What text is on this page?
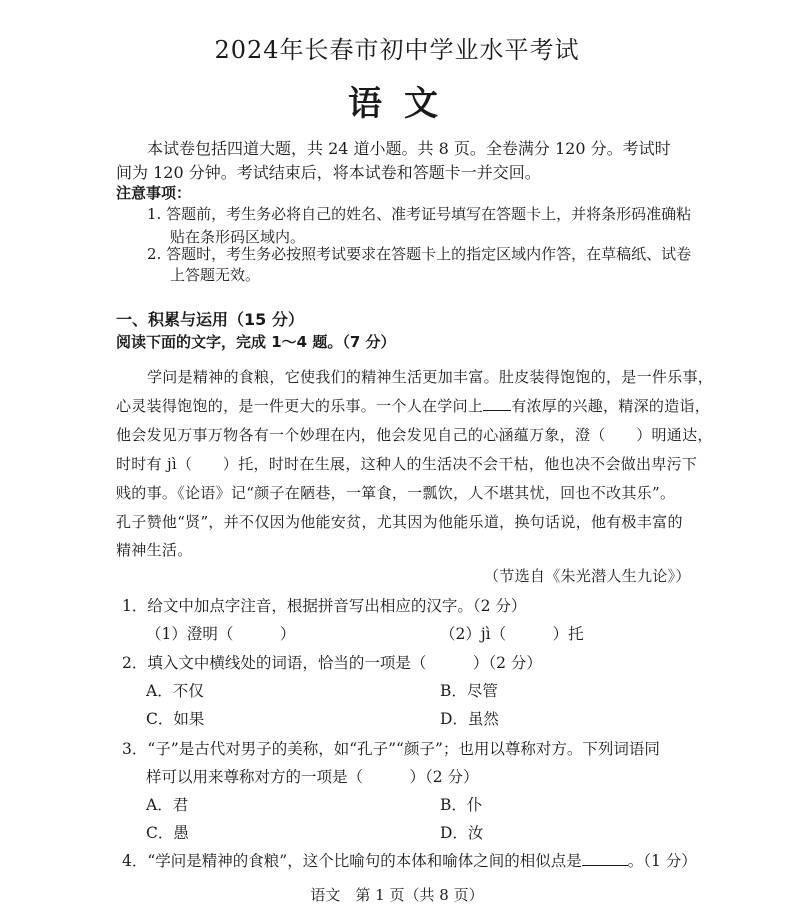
2024年长春市初中学业水平考试
语文
本试卷包括四道大题，共 24 道小题。共 8 页。全卷满分 120 分。考试时
间为 120 分钟。考试结束后，将本试卷和答题卡一并交回。
注意事项：
1. 答题前，考生务必将自己的姓名、准考证号填写在答题卡上，并将条形码准确粘
贴在条形码区域内。
2. 答题时，考生务必按照考试要求在答题卡上的指定区域内作答，在草稿纸、试卷
上答题无效。
一、积累与运用（15 分）
阅读下面的文字，完成 1～4 题。（7 分）
学问是精神的食粮，它使我们的精神生活更加丰富。肚皮装得饱饱的，是一件乐事，
心灵装得饱饱的，是一件更大的乐事。一个人在学问上 有浓厚的兴趣，精深的造诣，
他会发见万事万物各有一个妙理在内，他会发见自己的心涵蕴万象，澄（　　）明通达，
时时有 jì（　　）托，时时在生展，这种人的生活决不会干枯，他也决不会做出卑污下
贱的事。《论语》记“颜子在陋巷，一箪食，一瓢饮，人不堪其忧，回也不改其乐”。
孔子赞他“贤”，并不仅因为他能安贫，尤其因为他能乐道，换句话说，他有极丰富的
精神生活。
（节选自《朱光潜人生九论》）
1．给文中加点字注音，根据拼音写出相应的汉字。（2 分）
（1）澄明（　　　）	（2）jì（　　　）托
2．填入文中横线处的词语，恰当的一项是（　　　）（2 分）
A．不仅	B．尽管
C．如果	D．虽然
3．“子”是古代对男子的美称，如“孔子”“颜子”；也用以尊称对方。下列词语同
样可以用来尊称对方的一项是（　　　）（2 分）
A．君	B．仆
C．愚	D．汝
4．“学问是精神的食粮”，这个比喻句的本体和喻体之间的相似点是	。（1 分）
语文　第 1 页（共 8 页）
